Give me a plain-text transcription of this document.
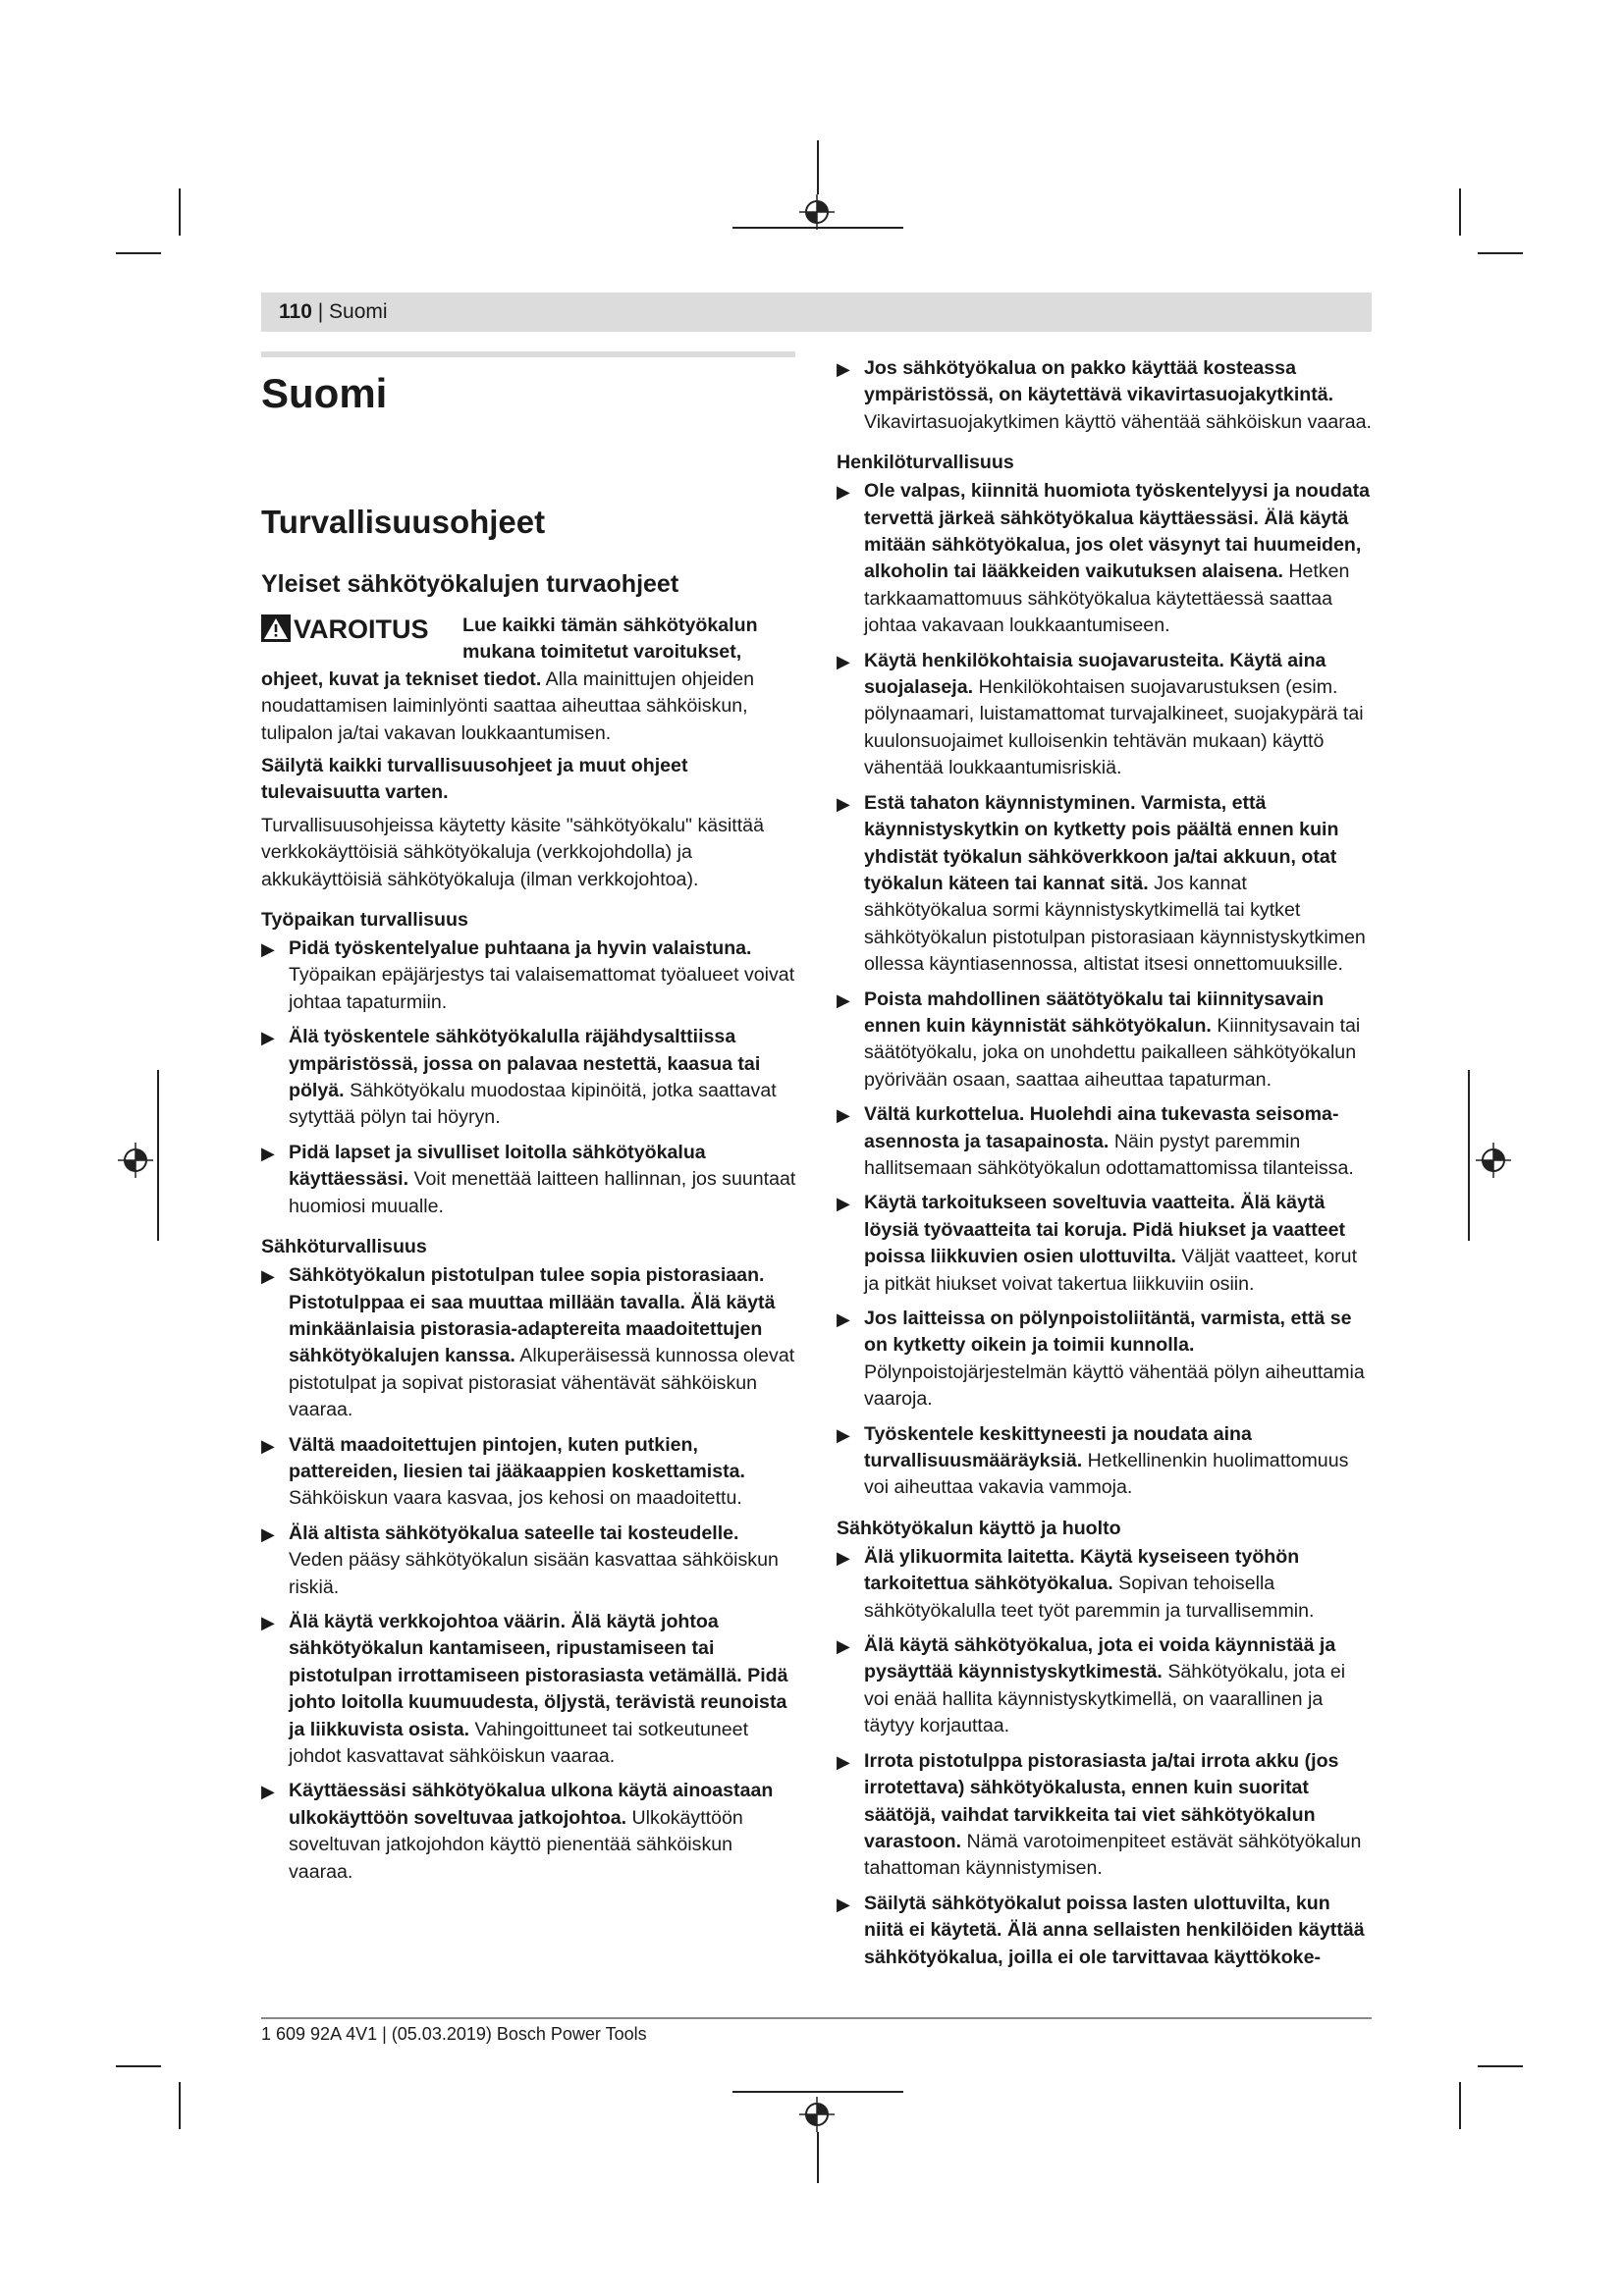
110 | Suomi
Suomi
Turvallisuusohjeet
Yleiset sähkötyökalujen turvaohjeet
VAROITUS	Lue kaikki tämän sähkötyökalun mukana toimitetut varoitukset, ohjeet, kuvat ja tekniset tiedot. Alla mainittujen ohjeiden noudattamisen laiminlyönti saattaa aiheuttaa sähköiskun, tulipalon ja/tai vakavan loukkaantumisen.

Säilytä kaikki turvallisuusohjeet ja muut ohjeet tulevaisuutta varten.

Turvallisuusohjeissa käytetty käsite "sähkötyökalu" käsittää verkkokäyttöisiä sähkötyökaluja (verkkojohdolla) ja akkukäyttöisiä sähkötyökaluja (ilman verkkojohtoa).

Työpaikan turvallisuus
▶ Pidä työskentelyalue puhtaana ja hyvin valaistuna. Työpaikan epäjärjestys tai valaisemattomat työalueet voivat johtaa tapaturmiin.
▶ Älä työskentele sähkötyökalulla räjähdysalttiissa ympäristössä, jossa on palavaa nestettä, kaasua tai pölyä. Sähkötyökalu muodostaa kipinöitä, jotka saattavat sytyttää pölyn tai höyryn.
▶ Pidä lapset ja sivulliset loitolla sähkötyökalua käyttäessäsi. Voit menettää laitteen hallinnan, jos suuntaat huomiosi muualle.
Sähköturvallisuus
▶ Sähkötyökalun pistotulpan tulee sopia pistorasiaan. Pistotulppaa ei saa muuttaa millään tavalla. Älä käytä minkäänlaisia pistorasia-adaptereita maadoitettujen sähkötyökalujen kanssa. Alkuperäisessä kunnossa olevat pistotulpat ja sopivat pistorasiat vähentävät sähköiskun vaaraa.
▶ Vältä maadoitettujen pintojen, kuten putkien, pattereiden, liesien tai jääkaappien koskettamista. Sähköiskun vaara kasvaa, jos kehosi on maadoitettu.
▶ Älä altista sähkötyökalua sateelle tai kosteudelle. Veden pääsy sähkötyökalun sisään kasvattaa sähköiskun riskiä.
▶ Älä käytä verkkojohtoa väärin. Älä käytä johtoa sähkötyökalun kantamiseen, ripustamiseen tai pistotulpan irrottamiseen pistorasiasta vetämällä. Pidä johto loitolla kuumuudesta, öljystä, terävistä reunoista ja liikkuvista osista. Vahingoittuneet tai sotkeutuneet johdot kasvattavat sähköiskun vaaraa.
▶ Käyttäessäsi sähkötyökalua ulkona käytä ainoastaan ulkokäyttöön soveltuvaa jatkojohtoa. Ulkokäyttöön soveltuvan jatkojohdon käyttö pienentää sähköiskun vaaraa.
▶ Jos sähkötyökalua on pakko käyttää kosteassa ympäristössä, on käytettävä vikavirtasuojakytkintä. Vikavirtasuojakytkimen käyttö vähentää sähköiskun vaaraa.
Henkilöturvallisuus
▶ Ole valpas, kiinnitä huomiota työskentelyysi ja noudata tervettä järkeä sähkötyökalua käyttäessäsi. Älä käytä mitään sähkötyökalua, jos olet väsynyt tai huumeiden, alkoholin tai lääkkeiden vaikutuksen alaisena. Hetken tarkkaamattomuus sähkötyökalua käytettäessä saattaa johtaa vakavaan loukkaantumiseen.
▶ Käytä henkilökohtaisia suojavarusteita. Käytä aina suojalaseja. Henkilökohtaisen suojavarustuksen (esim. pölynaamari, luistamattomat turvajalkineet, suojakypärä tai kuulonsuojaimet kulloisenkin tehtävän mukaan) käyttö vähentää loukkaantumisriskiä.
▶ Estä tahaton käynnistyminen. Varmista, että käynnistyskytkin on kytketty pois päältä ennen kuin yhdistät työkalun sähköverkkoon ja/tai akkuun, otat työkalun käteen tai kannat sitä. Jos kannat sähkötyökalua sormi käynnistyskytkimellä tai kytket sähkötyökalun pistotulpan pistorasiaan käynnistyskytkimen ollessa käyntiasennossa, altistat itsesi onnettomuuksille.
▶ Poista mahdollinen säätötyökalu tai kiinnitysavain ennen kuin käynnistät sähkötyökalun. Kiinnitysavain tai säätötyökalu, joka on unohdettu paikalleen sähkötyökalun pyörivään osaan, saattaa aiheuttaa tapaturman.
▶ Vältä kurkottelua. Huolehdi aina tukevasta seisoma-asennosta ja tasapainosta. Näin pystyt paremmin hallitsemaan sähkötyökalun odottamattomissa tilanteissa.
▶ Käytä tarkoitukseen soveltuvia vaatteita. Älä käytä löysiä työvaatteita tai koruja. Pidä hiukset ja vaatteet poissa liikkuvien osien ulottuvilta. Väljät vaatteet, korut ja pitkät hiukset voivat takertua liikkuviin osiin.
▶ Jos laitteissa on pölynpoistoliitäntä, varmista, että se on kytketty oikein ja toimii kunnolla. Pölynpoistojärjestelmän käyttö vähentää pölyn aiheuttamia vaaroja.
▶ Työskentele keskittyneesti ja noudata aina turvallisuusmääräyksiä. Hetkellinenkin huolimattomuus voi aiheuttaa vakavia vammoja.
Sähkötyökalun käyttö ja huolto
▶ Älä ylikuormita laitetta. Käytä kyseiseen työhön tarkoitettua sähkötyökalua. Sopivan tehoisella sähkötyökalulla teet työt paremmin ja turvallisemmin.
▶ Älä käytä sähkötyökalua, jota ei voida käynnistää ja pysäyttää käynnistyskytkimestä. Sähkötyökalu, jota ei voi enää hallita käynnistyskytkimellä, on vaarallinen ja täytyy korjauttaa.
▶ Irrota pistotulppa pistorasiasta ja/tai irrota akku (jos irrotettava) sähkötyökalusta, ennen kuin suoritat säätöjä, vaihdat tarvikkeita tai viet sähkötyökalun varastoon. Nämä varotoimenpiteet estävät sähkötyökalun tahattoman käynnistymisen.
▶ Säilytä sähkötyökalut poissa lasten ulottuvilta, kun niitä ei käytetä. Älä anna sellaisten henkilöiden käyttää sähkötyökalua, joilla ei ole tarvittavaa käyttökoke-
1 609 92A 4V1 | (05.03.2019) Bosch Power Tools
